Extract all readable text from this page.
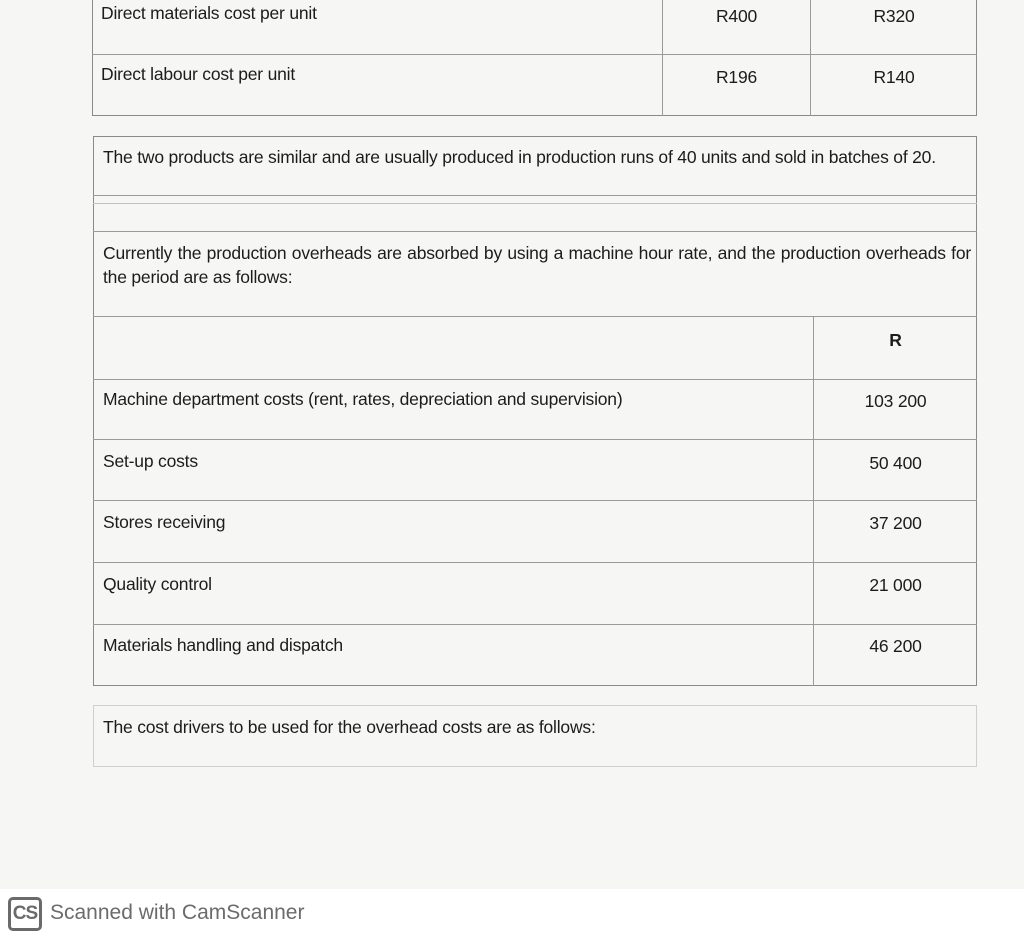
Direct materials cost per unit	R400	R320
Direct labour cost per unit	R196	R140
The two products are similar and are usually produced in production runs of 40 units and sold in batches of 20.
Currently the production overheads are absorbed by using a machine hour rate, and the production overheads for the period are as follows:
R
Machine department costs (rent, rates, depreciation and supervision)	103 200
Set-up costs	50 400
Stores receiving	37 200
Quality control	21 000
Materials handling and dispatch	46 200
The cost drivers to be used for the overhead costs are as follows:
CS Scanned with CamScanner
